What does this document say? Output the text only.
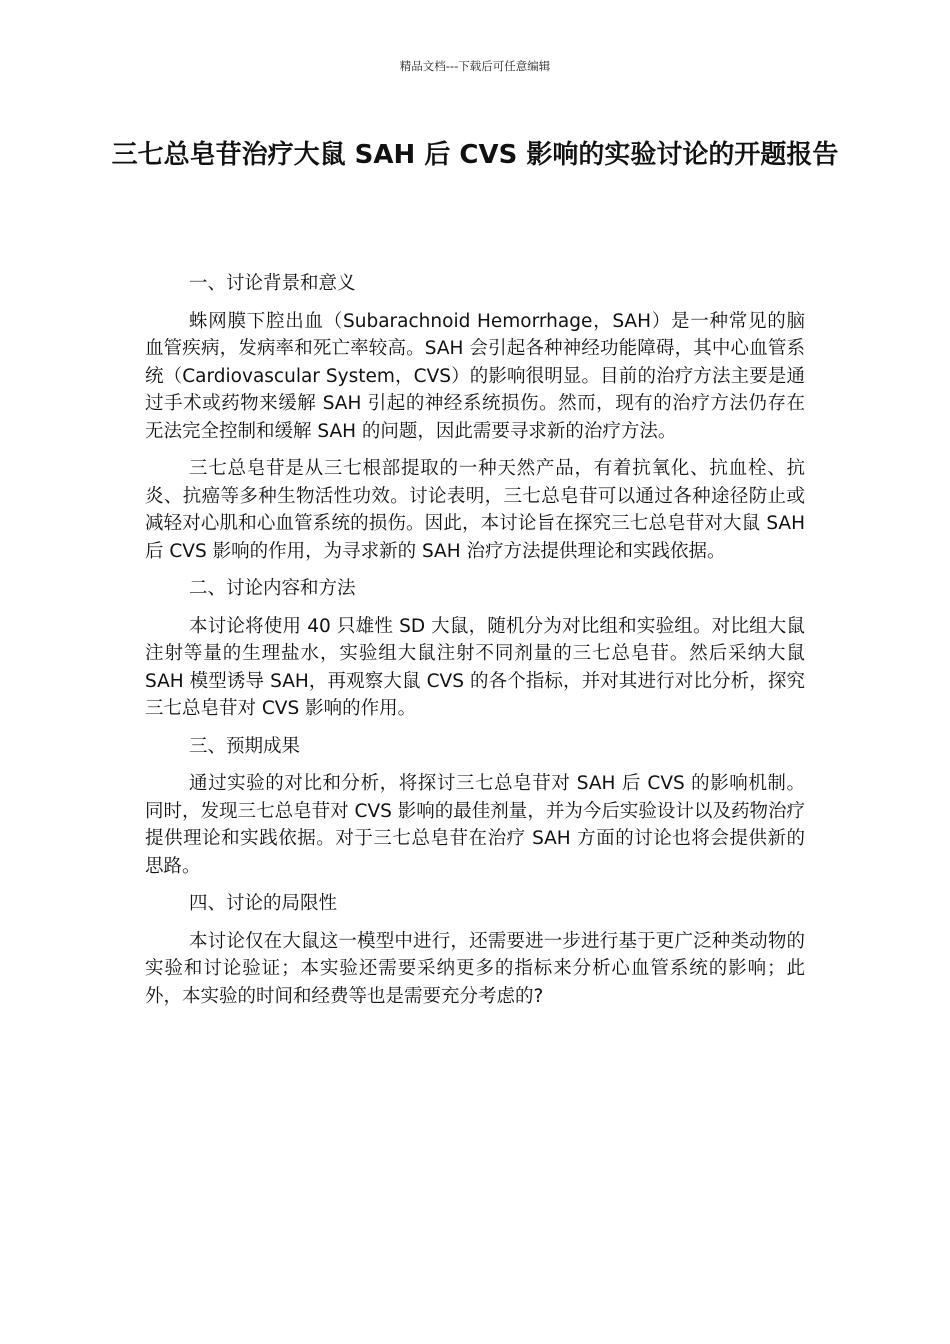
精品文档---下载后可任意编辑
三七总皂苷治疗大鼠 SAH 后 CVS 影响的实验讨论的开题报告

一、讨论背景和意义

蛛网膜下腔出血（Subarachnoid Hemorrhage，SAH）是一种常见的脑血管疾病，发病率和死亡率较高。SAH 会引起各种神经功能障碍，其中心血管系统（Cardiovascular System，CVS）的影响很明显。目前的治疗方法主要是通过手术或药物来缓解 SAH 引起的神经系统损伤。然而，现有的治疗方法仍存在无法完全控制和缓解 SAH 的问题，因此需要寻求新的治疗方法。

三七总皂苷是从三七根部提取的一种天然产品，有着抗氧化、抗血栓、抗炎、抗癌等多种生物活性功效。讨论表明，三七总皂苷可以通过各种途径防止或减轻对心肌和心血管系统的损伤。因此，本讨论旨在探究三七总皂苷对大鼠 SAH 后 CVS 影响的作用，为寻求新的 SAH 治疗方法提供理论和实践依据。

二、讨论内容和方法

本讨论将使用 40 只雄性 SD 大鼠，随机分为对比组和实验组。对比组大鼠注射等量的生理盐水，实验组大鼠注射不同剂量的三七总皂苷。然后采纳大鼠 SAH 模型诱导 SAH，再观察大鼠 CVS 的各个指标，并对其进行对比分析，探究三七总皂苷对 CVS 影响的作用。

三、预期成果

通过实验的对比和分析，将探讨三七总皂苷对 SAH 后 CVS 的影响机制。同时，发现三七总皂苷对 CVS 影响的最佳剂量，并为今后实验设计以及药物治疗提供理论和实践依据。对于三七总皂苷在治疗 SAH 方面的讨论也将会提供新的思路。

四、讨论的局限性

本讨论仅在大鼠这一模型中进行，还需要进一步进行基于更广泛种类动物的实验和讨论验证；本实验还需要采纳更多的指标来分析心血管系统的影响；此外，本实验的时间和经费等也是需要充分考虑的?
